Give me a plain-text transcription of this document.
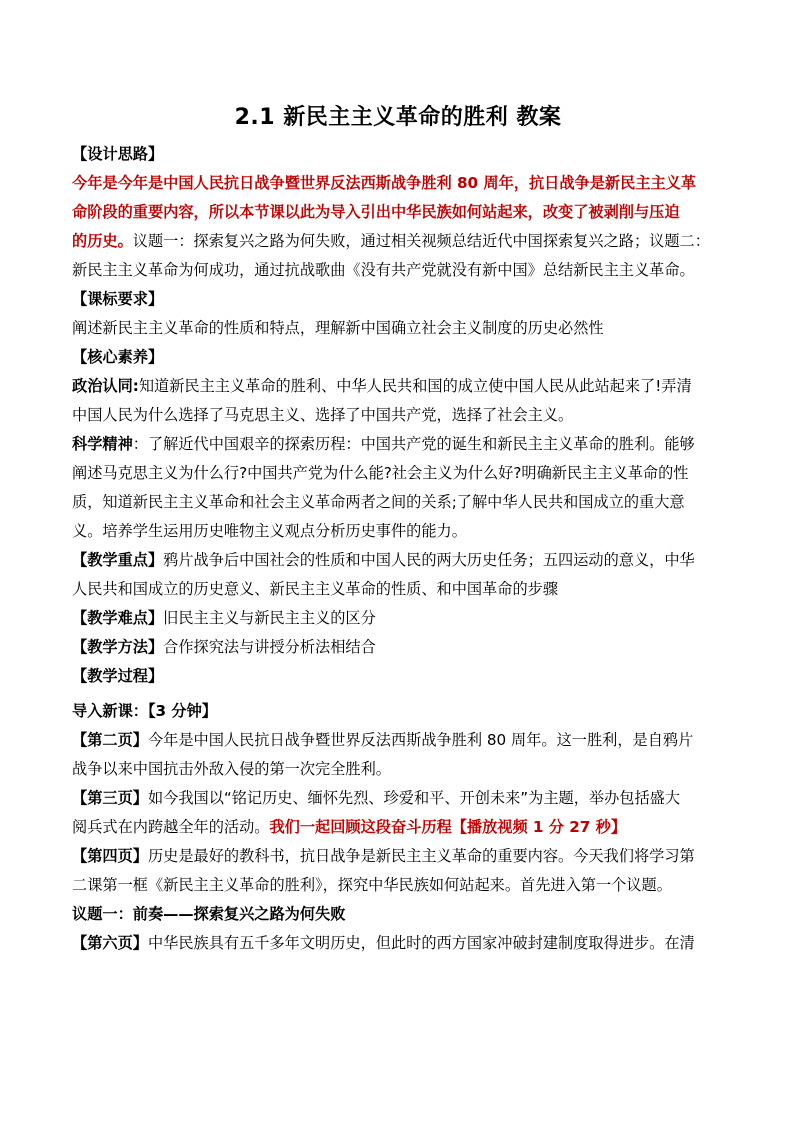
2.1 新民主主义革命的胜利 教案

【设计思路】

今年是今年是中国人民抗日战争暨世界反法西斯战争胜利 80 周年，抗日战争是新民主主义革

命阶段的重要内容，所以本节课以此为导入引出中华民族如何站起来，改变了被剥削与压迫

的历史。议题一：探索复兴之路为何失败，通过相关视频总结近代中国探索复兴之路；议题二：

新民主主义革命为何成功，通过抗战歌曲《没有共产党就没有新中国》总结新民主主义革命。

【课标要求】

阐述新民主主义革命的性质和特点，理解新中国确立社会主义制度的历史必然性

【核心素养】

政治认同:知道新民主主义革命的胜利、中华人民共和国的成立使中国人民从此站起来了!弄清

中国人民为什么选择了马克思主义、选择了中国共产党，选择了社会主义。

科学精神：了解近代中国艰辛的探索历程：中国共产党的诞生和新民主主义革命的胜利。能够

阐述马克思主义为什么行?中国共产党为什么能?社会主义为什么好?明确新民主主义革命的性

质，知道新民主主义革命和社会主义革命两者之间的关系;了解中华人民共和国成立的重大意

义。培养学生运用历史唯物主义观点分析历史事件的能力。

【教学重点】鸦片战争后中国社会的性质和中国人民的两大历史任务；五四运动的意义，中华

人民共和国成立的历史意义、新民主主义革命的性质、和中国革命的步骤

【教学难点】旧民主主义与新民主主义的区分

【教学方法】合作探究法与讲授分析法相结合

【教学过程】

导入新课：【3 分钟】

【第二页】今年是中国人民抗日战争暨世界反法西斯战争胜利 80 周年。这一胜利，是自鸦片

战争以来中国抗击外敌入侵的第一次完全胜利。

【第三页】如今我国以“铭记历史、缅怀先烈、珍爱和平、开创未来”为主题，举办包括盛大

阅兵式在内跨越全年的活动。我们一起回顾这段奋斗历程【播放视频 1 分 27 秒】

【第四页】历史是最好的教科书，抗日战争是新民主主义革命的重要内容。今天我们将学习第

二课第一框《新民主主义革命的胜利》，探究中华民族如何站起来。首先进入第一个议题。

议题一：前奏——探索复兴之路为何失败

【第六页】中华民族具有五千多年文明历史，但此时的西方国家冲破封建制度取得进步。在清
